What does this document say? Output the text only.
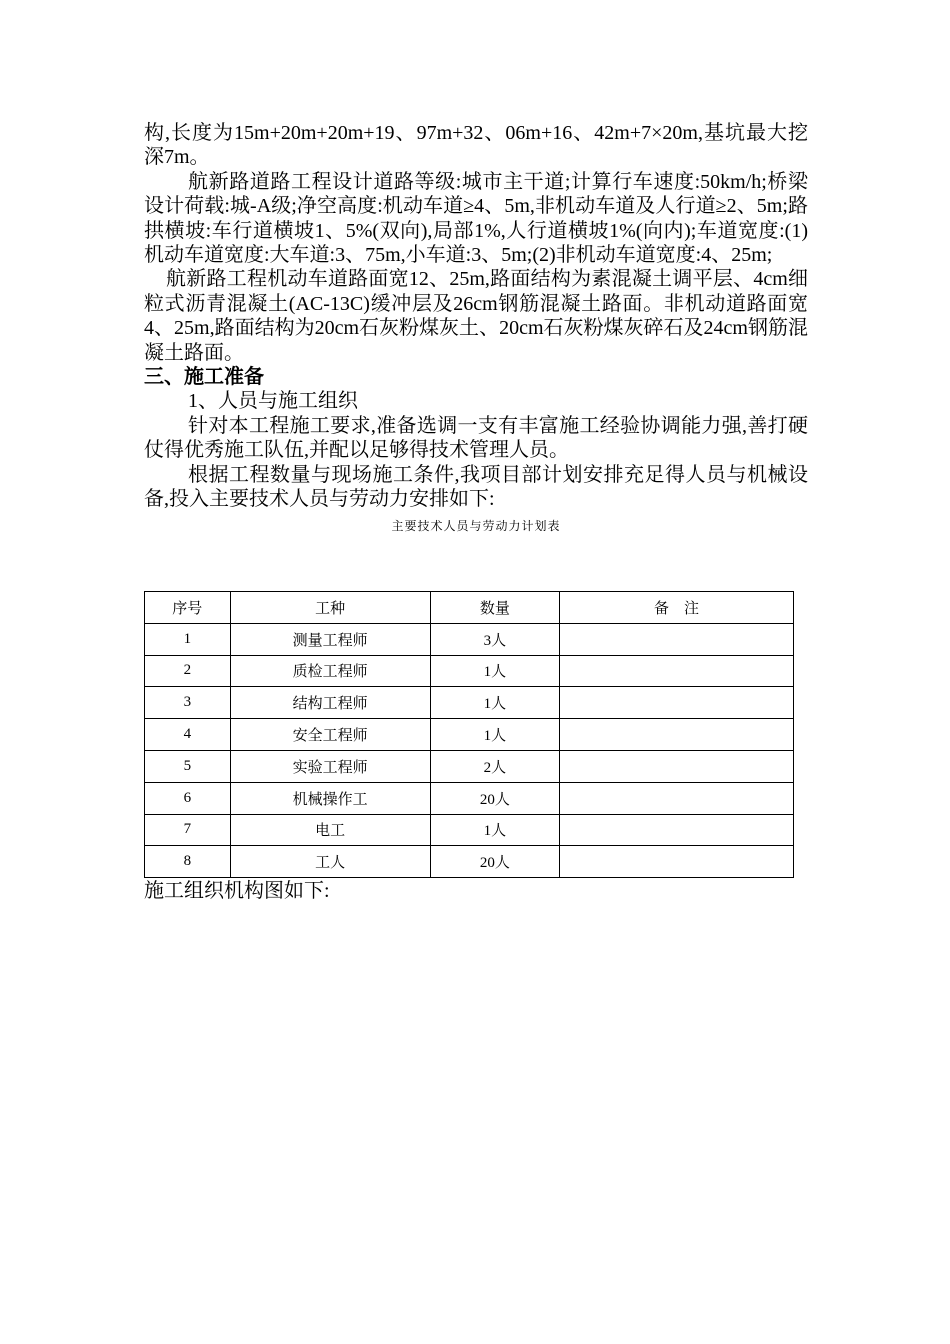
构,长度为15m+20m+20m+19、97m+32、06m+16、42m+7×20m,基坑最大挖深7m。

航新路道路工程设计道路等级:城市主干道;计算行车速度:50km/h;桥梁设计荷载:城-A级;净空高度:机动车道≥4、5m,非机动车道及人行道≥2、5m;路拱横坡:车行道横坡1、5%(双向),局部1%,人行道横坡1%(向内);车道宽度:(1)机动车道宽度:大车道:3、75m,小车道:3、5m;(2)非机动车道宽度:4、25m;

航新路工程机动车道路面宽12、25m,路面结构为素混凝土调平层、4cm细粒式沥青混凝土(AC-13C)缓冲层及26cm钢筋混凝土路面。非机动道路面宽4、25m,路面结构为20cm石灰粉煤灰土、20cm石灰粉煤灰碎石及24cm钢筋混凝土路面。

三、施工准备

1、人员与施工组织

针对本工程施工要求,准备选调一支有丰富施工经验协调能力强,善打硬仗得优秀施工队伍,并配以足够得技术管理人员。

根据工程数量与现场施工条件,我项目部计划安排充足得人员与机械设备,投入主要技术人员与劳动力安排如下:

主要技术人员与劳动力计划表

序号	工种	数量	备　注
1	测量工程师	3人	
2	质检工程师	1人	
3	结构工程师	1人	
4	安全工程师	1人	
5	实验工程师	2人	
6	机械操作工	20人	
7	电工	1人	
8	工人	20人	

施工组织机构图如下:
